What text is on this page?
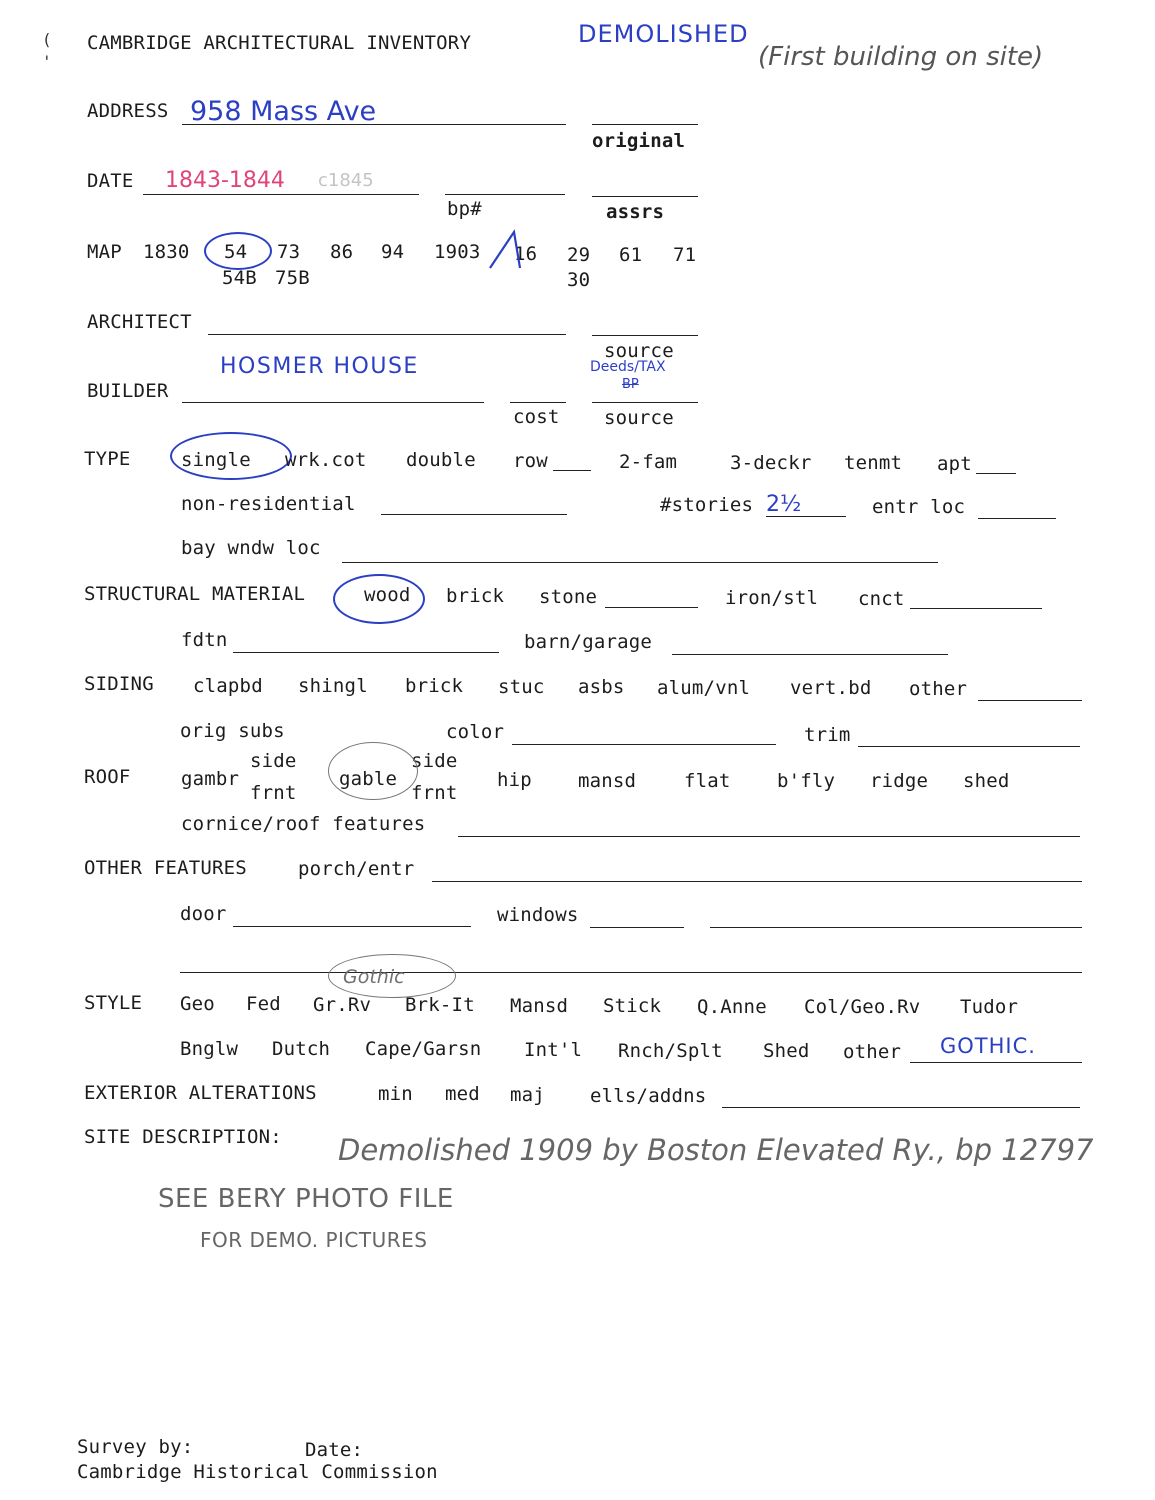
(
'
CAMBRIDGE ARCHITECTURAL INVENTORY	DEMOLISHED
(First building on site)
ADDRESS 958 Mass Ave
original
DATE 1843-1844 c1845
bp#	assrs
MAP 1830 54 73 86 94 1903 16 29 61 71
54B 75B	30
ARCHITECT
source
HOSMER HOUSE	Deeds/TAX
BP
BUILDER
cost source
TYPE	single wrk.cot double row	2-fam	3-deckr tenmt apt
non-residential	#stories 2½	entr loc
bay wndw loc
STRUCTURAL MATERIAL	wood brick stone	iron/stl cnct
fdtn	barn/garage
SIDING clapbd shingl brick stuc asbs alum/vnl vert.bd other
orig subs	color	trim
side	side
ROOF	gambr	gable	hip mansd	flat b'fly ridge shed
frnt	frnt
cornice/roof features
OTHER FEATURES	porch/entr
door	windows
Gothic
STYLE Geo Fed Gr.Rv Brk-It Mansd Stick Q.Anne Col/Geo.Rv Tudor
Bnglw Dutch Cape/Garsn Int'l Rnch/Splt Shed other GOTHIC.
EXTERIOR ALTERATIONS	min med maj ells/addns
SITE DESCRIPTION: Demolished 1909 by Boston Elevated Ry., bp 12797
SEE BERY PHOTO FILE
FOR DEMO. PICTURES
Survey by:	Date:
Cambridge Historical Commission
